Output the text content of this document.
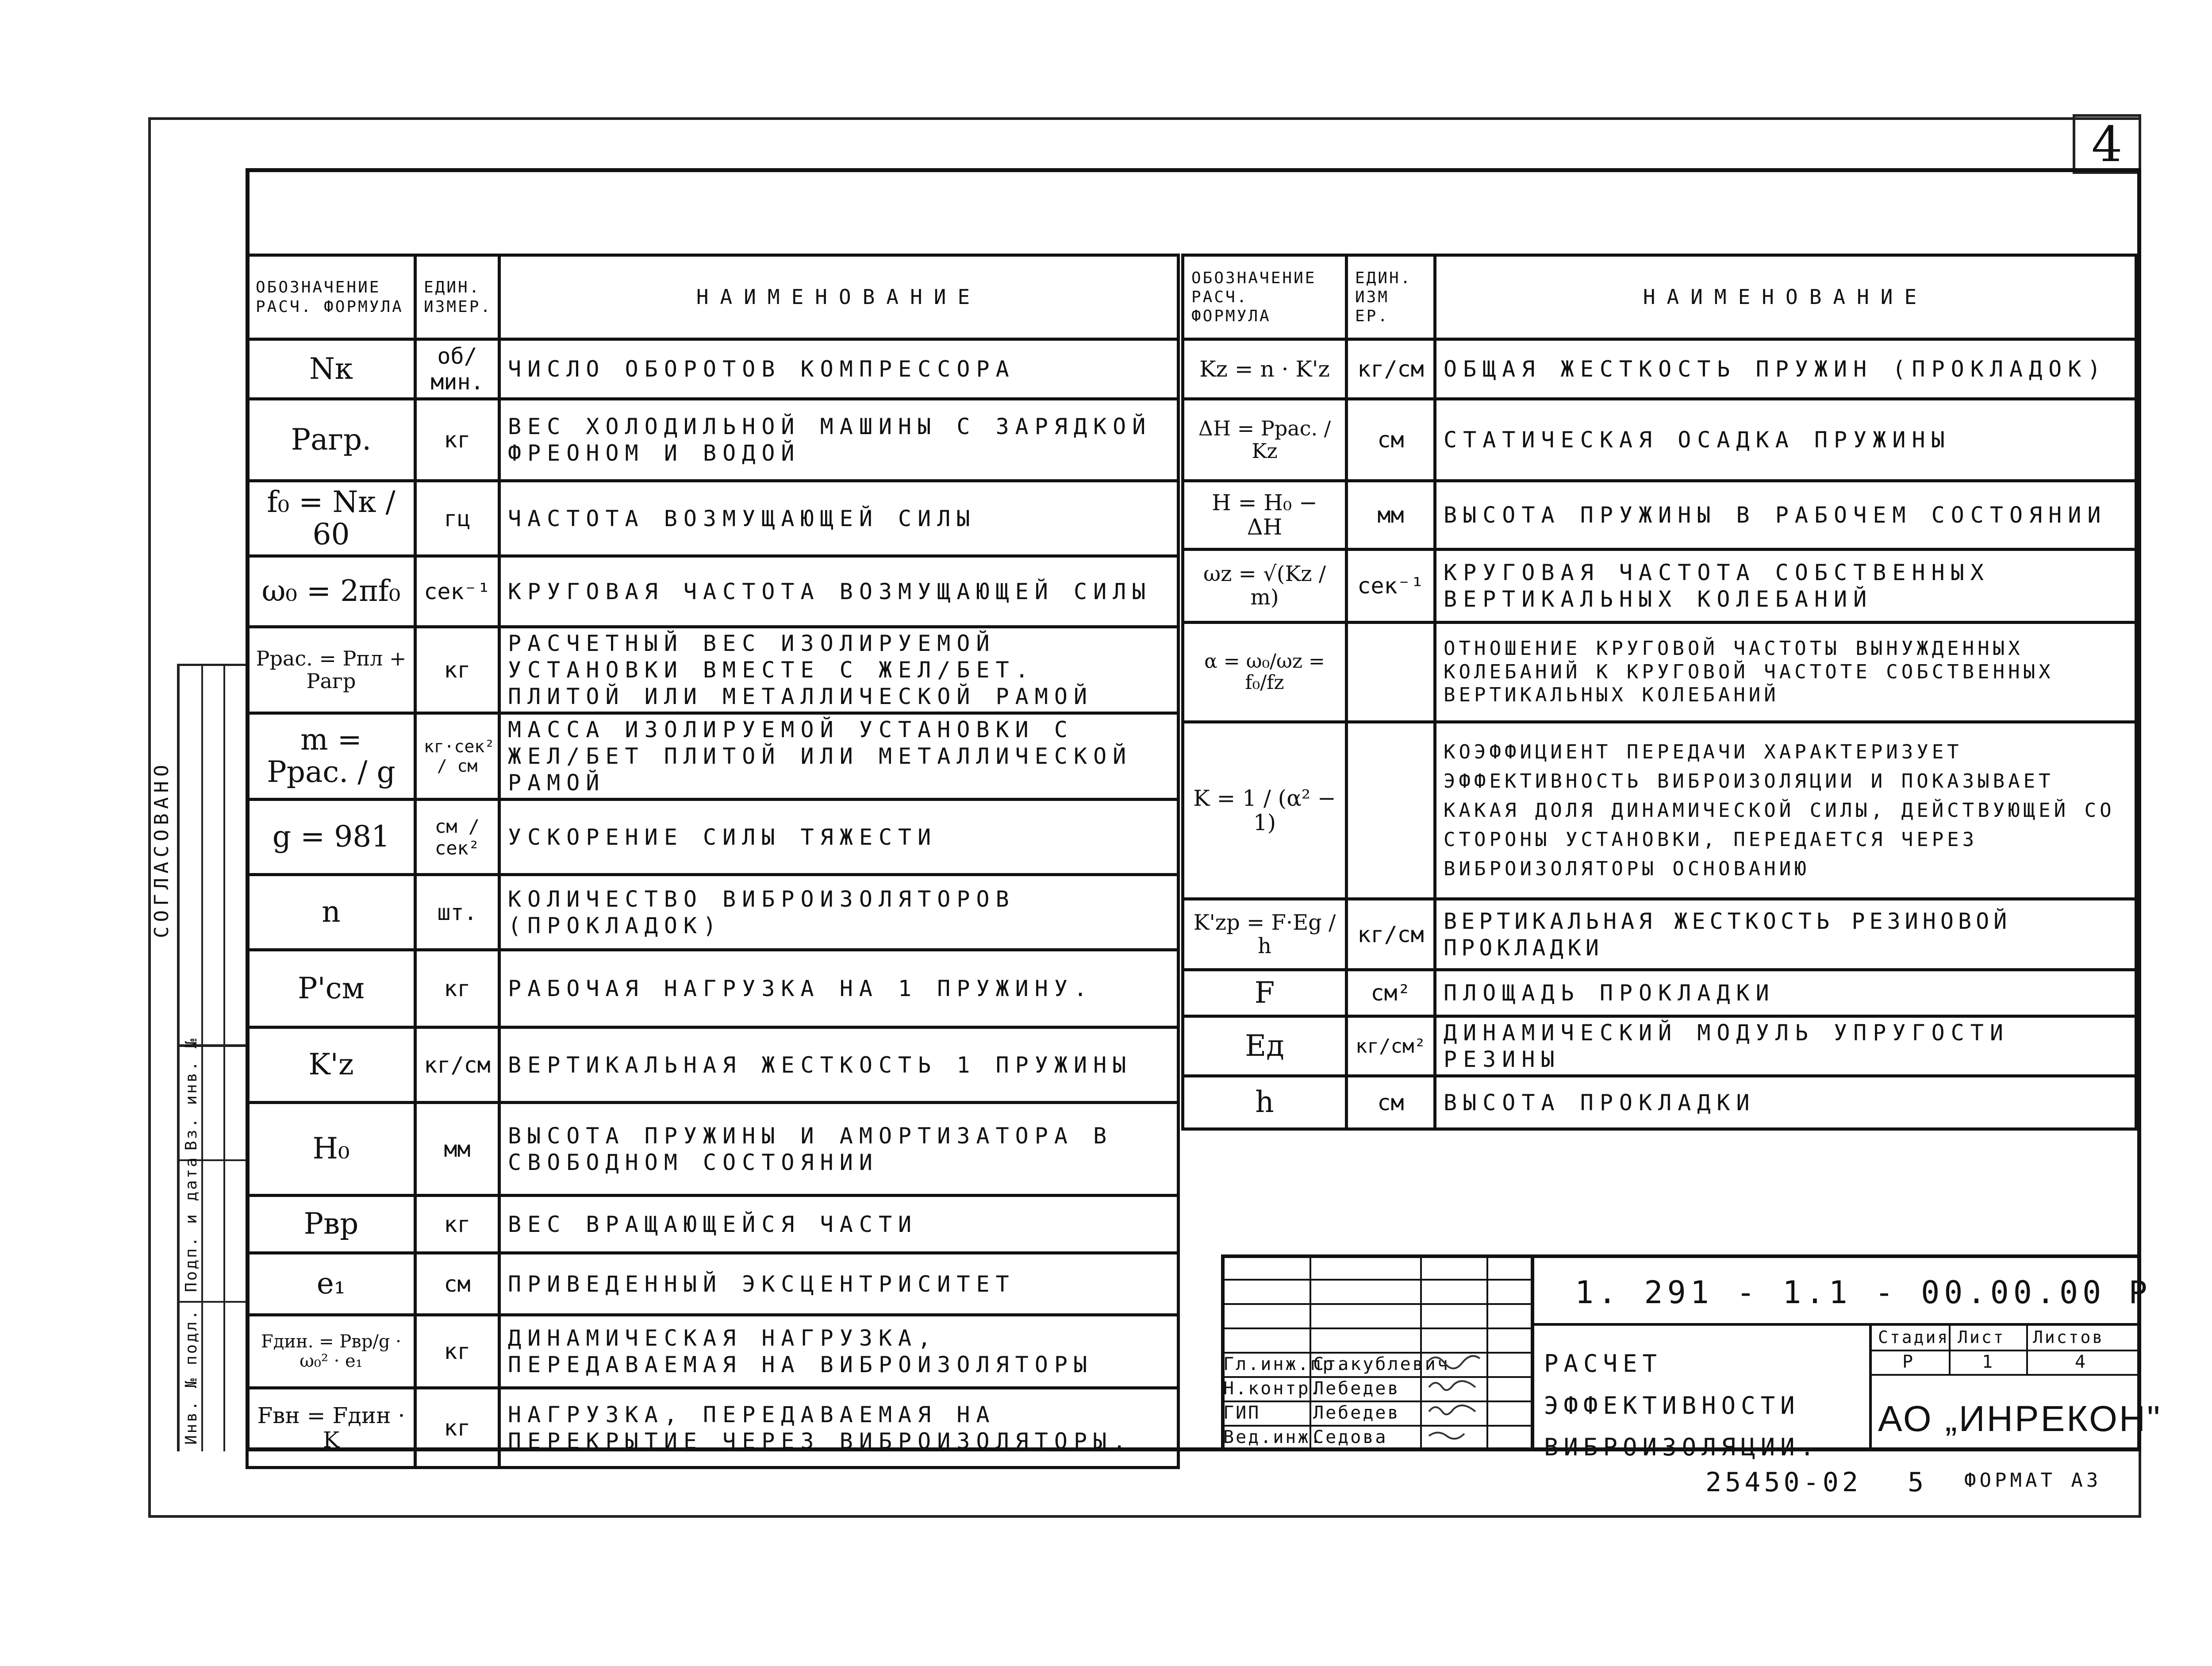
4
ОБОЗНАЧЕНИЕ РАСЧ. ФОРМУЛА	ЕДИН. ИЗМЕР.	НАИМЕНОВАНИЕ
Nк	об/мин.	ЧИСЛО ОБОРОТОВ КОМПРЕССОРА
Pагр.	кг	ВЕС ХОЛОДИЛЬНОЙ МАШИНЫ С ЗАРЯДКОЙ ФРЕОНОМ И ВОДОЙ
f₀ = Nк / 60	гц	ЧАСТОТА ВОЗМУЩАЮЩЕЙ СИЛЫ
ω₀ = 2πf₀	сек⁻¹	КРУГОВАЯ ЧАСТОТА ВОЗМУЩАЮЩЕЙ СИЛЫ
Pрас. = Pпл + Pагр	кг	РАСЧЕТНЫЙ ВЕС ИЗОЛИРУЕМОЙ УСТАНОВКИ ВМЕСТЕ С ЖЕЛ/БЕТ. ПЛИТОЙ ИЛИ МЕТАЛЛИЧЕСКОЙ РАМОЙ
m = Pрас. / g	кг·сек² / см	МАССА ИЗОЛИРУЕМОЙ УСТАНОВКИ С ЖЕЛ/БЕТ ПЛИТОЙ ИЛИ МЕТАЛЛИЧЕСКОЙ РАМОЙ
g = 981	см / сек²	УСКОРЕНИЕ СИЛЫ ТЯЖЕСТИ
n	шт.	КОЛИЧЕСТВО ВИБРОИЗОЛЯТОРОВ (ПРОКЛАДОК)
P'см	кг	РАБОЧАЯ НАГРУЗКА НА 1 ПРУЖИНУ.
K'z	кг/см	ВЕРТИКАЛЬНАЯ ЖЕСТКОСТЬ 1 ПРУЖИНЫ
H₀	мм	ВЫСОТА ПРУЖИНЫ И АМОРТИЗАТОРА В СВОБОДНОМ СОСТОЯНИИ
Pвр	кг	ВЕС ВРАЩАЮЩЕЙСЯ ЧАСТИ
e₁	см	ПРИВЕДЕННЫЙ ЭКСЦЕНТРИСИТЕТ
Fдин. = Pвр/g · ω₀² · e₁	кг	ДИНАМИЧЕСКАЯ НАГРУЗКА, ПЕРЕДАВАЕМАЯ НА ВИБРОИЗОЛЯТОРЫ
Fвн = Fдин · K	кг	НАГРУЗКА, ПЕРЕДАВАЕМАЯ НА ПЕРЕКРЫТИЕ ЧЕРЕЗ ВИБРОИЗОЛЯТОРЫ.
ОБОЗНАЧЕНИЕ РАСЧ. ФОРМУЛА	ЕДИН. ИЗМ ЕР.	НАИМЕНОВАНИЕ
Kz = n · K'z	кг/см	ОБЩАЯ ЖЕСТКОСТЬ ПРУЖИН (ПРОКЛАДОК)
ΔH = Pрас. / Kz	см	СТАТИЧЕСКАЯ ОСАДКА ПРУЖИНЫ
H = H₀ − ΔH	мм	ВЫСОТА ПРУЖИНЫ В РАБОЧЕМ СОСТОЯНИИ
ωz = √(Kz / m)	сек⁻¹	КРУГОВАЯ ЧАСТОТА СОБСТВЕННЫХ ВЕРТИКАЛЬНЫХ КОЛЕБАНИЙ
α = ω₀/ωz = f₀/fz		ОТНОШЕНИЕ КРУГОВОЙ ЧАСТОТЫ ВЫНУЖДЕННЫХ КОЛЕБАНИЙ К КРУГОВОЙ ЧАСТОТЕ СОБСТВЕННЫХ ВЕРТИКАЛЬНЫХ КОЛЕБАНИЙ
K = 1 / (α² − 1)		КОЭФФИЦИЕНТ ПЕРЕДАЧИ ХАРАКТЕРИЗУЕТ ЭФФЕКТИВНОСТЬ ВИБРОИЗОЛЯЦИИ И ПОКАЗЫВАЕТ КАКАЯ ДОЛЯ ДИНАМИЧЕСКОЙ СИЛЫ, ДЕЙСТВУЮЩЕЙ СО СТОРОНЫ УСТАНОВКИ, ПЕРЕДАЕТСЯ ЧЕРЕЗ ВИБРОИЗОЛЯТОРЫ ОСНОВАНИЮ
K'zp = F·Eg / h	кг/см	ВЕРТИКАЛЬНАЯ ЖЕСТКОСТЬ РЕЗИНОВОЙ ПРОКЛАДКИ
F	см²	ПЛОЩАДЬ ПРОКЛАДКИ
Eд	кг/см²	ДИНАМИЧЕСКИЙ МОДУЛЬ УПРУГОСТИ РЕЗИНЫ
h	см	ВЫСОТА ПРОКЛАДКИ
СОГЛАСОВАНО
Вз. инв. №
Подп. и дата
Инв. № подл.	Гл.инж.пр.
Стакублевич
Н.контр.
Лебедев
ГИП	Лебедев
Вед.инж.
Седова
1. 291 - 1.1 - 00.00.00 Р
РАСЧЕТ ЭФФЕКТИВНОСТИ ВИБРОИЗОЛЯЦИИ.
Стадия Лист Листов
Р	1	4
АО „ИНРЕКОН"
25450-02 5 ФОРМАТ А3
